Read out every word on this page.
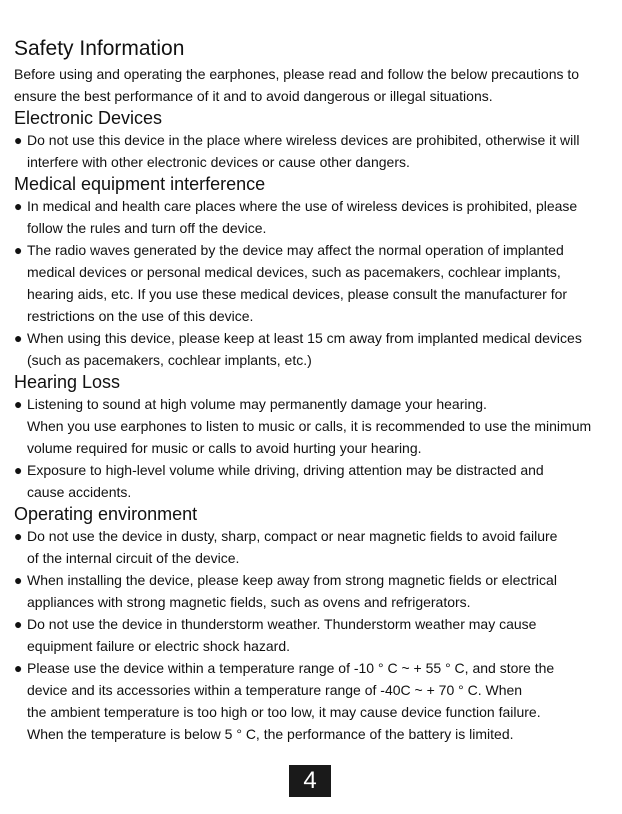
Safety Information

Before using and operating the earphones, please read and follow the below precautions to
ensure the best performance of it and to avoid dangerous or illegal situations.

Electronic Devices
● Do not use this device in the place where wireless devices are prohibited, otherwise it will
interfere with other electronic devices or cause other dangers.
Medical equipment interference
● In medical and health care places where the use of wireless devices is prohibited, please
follow the rules and turn off the device.
● The radio waves generated by the device may affect the normal operation of implanted
medical devices or personal medical devices, such as pacemakers, cochlear implants,
hearing aids, etc. If you use these medical devices, please consult the manufacturer for
restrictions on the use of this device.
● When using this device, please keep at least 15 cm away from implanted medical devices
(such as pacemakers, cochlear implants, etc.)
Hearing Loss
● Listening to sound at high volume may permanently damage your hearing.
When you use earphones to listen to music or calls, it is recommended to use the minimum
volume required for music or calls to avoid hurting your hearing.
● Exposure to high-level volume while driving, driving attention may be distracted and
cause accidents.
Operating environment
● Do not use the device in dusty, sharp, compact or near magnetic fields to avoid failure
of the internal circuit of the device.
● When installing the device, please keep away from strong magnetic fields or electrical
appliances with strong magnetic fields, such as ovens and refrigerators.
● Do not use the device in thunderstorm weather. Thunderstorm weather may cause
equipment failure or electric shock hazard.
● Please use the device within a temperature range of -10 ° C ~ + 55 ° C, and store the
device and its accessories within a temperature range of -40C ~ + 70 ° C. When
the ambient temperature is too high or too low, it may cause device function failure.
When the temperature is below 5 ° C, the performance of the battery is limited.
4
